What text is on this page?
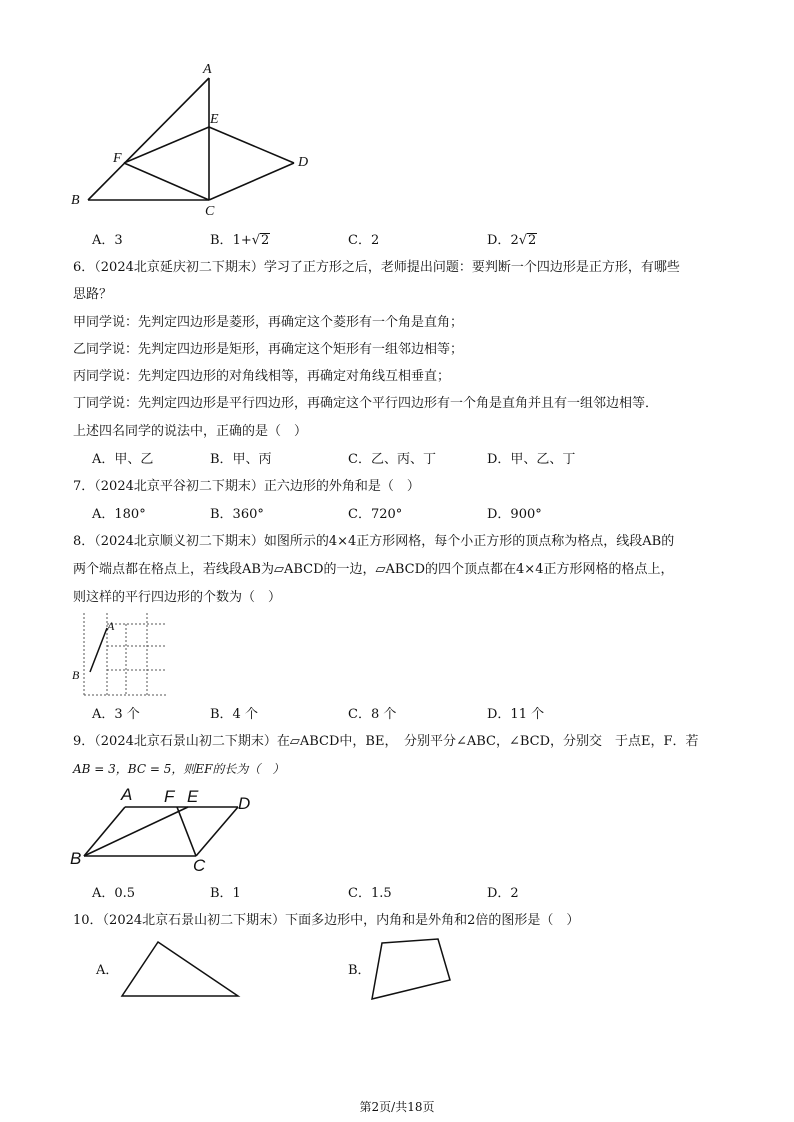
A
E
F	D
B
C
A．3	B．1+√2	C．2	D．2√2
6．（2024北京延庆初二下期末）学习了正方形之后，老师提出问题：要判断一个四边形是正方形，有哪些
思路？
甲同学说：先判定四边形是菱形，再确定这个菱形有一个角是直角；
乙同学说：先判定四边形是矩形，再确定这个矩形有一组邻边相等；
丙同学说：先判定四边形的对角线相等，再确定对角线互相垂直；
丁同学说：先判定四边形是平行四边形，再确定这个平行四边形有一个角是直角并且有一组邻边相等．
上述四名同学的说法中，正确的是（　）
A．甲、乙	B．甲、丙	C．乙、丙、丁	D．甲、乙、丁
7．（2024北京平谷初二下期末）正六边形的外角和是（　）
A．180°	B．360°	C．720°	D．900°
8．（2024北京顺义初二下期末）如图所示的4×4正方形网格，每个小正方形的顶点称为格点，线段AB的
两个端点都在格点上，若线段AB为▱ABCD的一边，▱ABCD的四个顶点都在4×4正方形网格的格点上，
则这样的平行四边形的个数为（　）
A
B
A．3 个	B．4 个	C．8 个	D．11 个
9．（2024北京石景山初二下期末）在▱ABCD中，BE，　分别平分∠ABC，∠BCD，分别交　于点E，F．若
AB = 3，BC = 5，则EF的长为（　）
A F E D
B	C
A．0.5	B．1	C．1.5	D．2
10．（2024北京石景山初二下期末）下面多边形中，内角和是外角和2倍的图形是（　）
A．	B．
第2页/共18页
